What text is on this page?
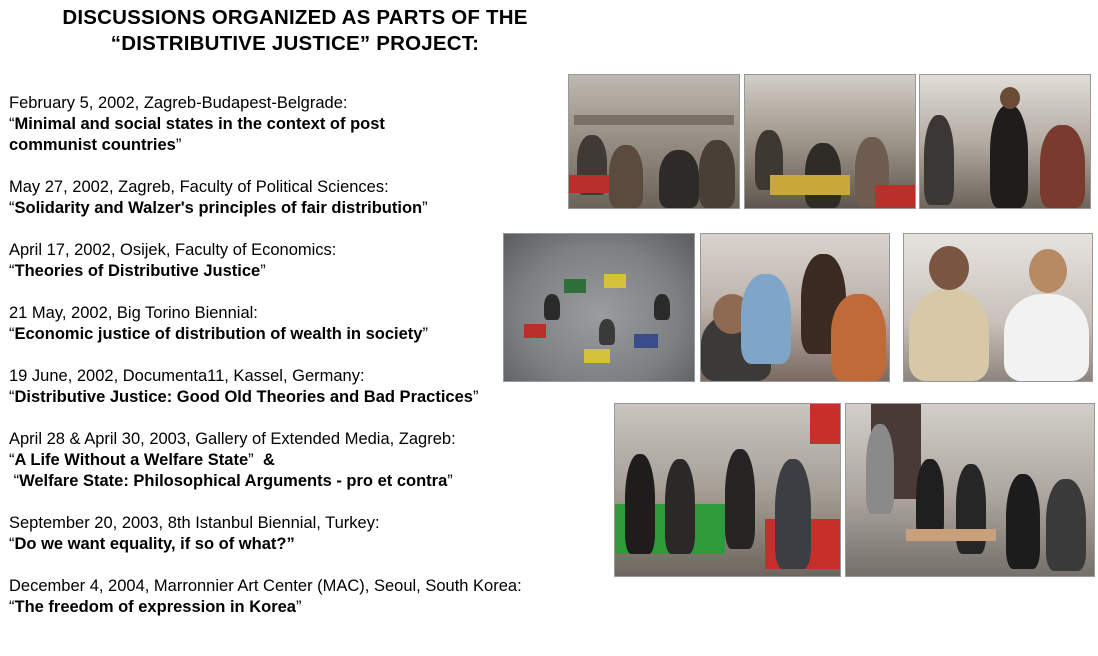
DISCUSSIONS ORGANIZED AS PARTS OF THE
“DISTRIBUTIVE JUSTICE” PROJECT:
February 5, 2002, Zagreb-Budapest-Belgrade:
“Minimal and social states in the context of post communist countries”
May 27, 2002, Zagreb, Faculty of Political Sciences:
“Solidarity and Walzer's principles of fair distribution”
April 17, 2002, Osijek, Faculty of Economics:
“Theories of Distributive Justice”
21 May, 2002, Big Torino Biennial:
“Economic justice of distribution of wealth in society”
19 June, 2002, Documenta11, Kassel, Germany:
“Distributive Justice: Good Old Theories and Bad Practices”
April 28 & April 30, 2003, Gallery of Extended Media, Zagreb:
“A Life Without a Welfare State” &
“Welfare State: Philosophical Arguments - pro et contra”
September 20, 2003, 8th Istanbul Biennial, Turkey:
“Do we want equality, if so of what?”
December 4, 2004, Marronnier Art Center (MAC), Seoul, South Korea:
“The freedom of expression in Korea”
